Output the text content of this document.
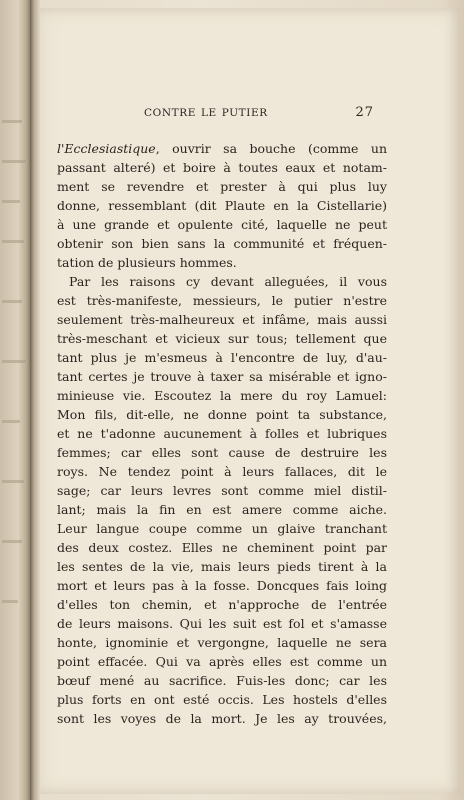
CONTRE LE PUTIER	27
l'Ecclesiastique, ouvrir sa bouche (comme un
passant alteré) et boire à toutes eaux et notam-
ment se revendre et prester à qui plus luy
donne, ressemblant (dit Plaute en la Cistellarie)
à une grande et opulente cité, laquelle ne peut
obtenir son bien sans la communité et fréquen-
tation de plusieurs hommes.
Par les raisons cy devant alleguées, il vous
est très-manifeste, messieurs, le putier n'estre
seulement très-malheureux et infâme, mais aussi
très-meschant et vicieux sur tous; tellement que
tant plus je m'esmeus à l'encontre de luy, d'au-
tant certes je trouve à taxer sa misérable et igno-
minieuse vie. Escoutez la mere du roy Lamuel:
Mon fils, dit-elle, ne donne point ta substance,
et ne t'adonne aucunement à folles et lubriques
femmes; car elles sont cause de destruire les
roys. Ne tendez point à leurs fallaces, dit le
sage; car leurs levres sont comme miel distil-
lant; mais la fin en est amere comme aiche.
Leur langue coupe comme un glaive tranchant
des deux costez. Elles ne cheminent point par
les sentes de la vie, mais leurs pieds tirent à la
mort et leurs pas à la fosse. Doncques fais loing
d'elles ton chemin, et n'approche de l'entrée
de leurs maisons. Qui les suit est fol et s'amasse
honte, ignominie et vergongne, laquelle ne sera
point effacée. Qui va après elles est comme un
bœuf mené au sacrifice. Fuis-les donc; car les
plus forts en ont esté occis. Les hostels d'elles
sont les voyes de la mort. Je les ay trouvées,
